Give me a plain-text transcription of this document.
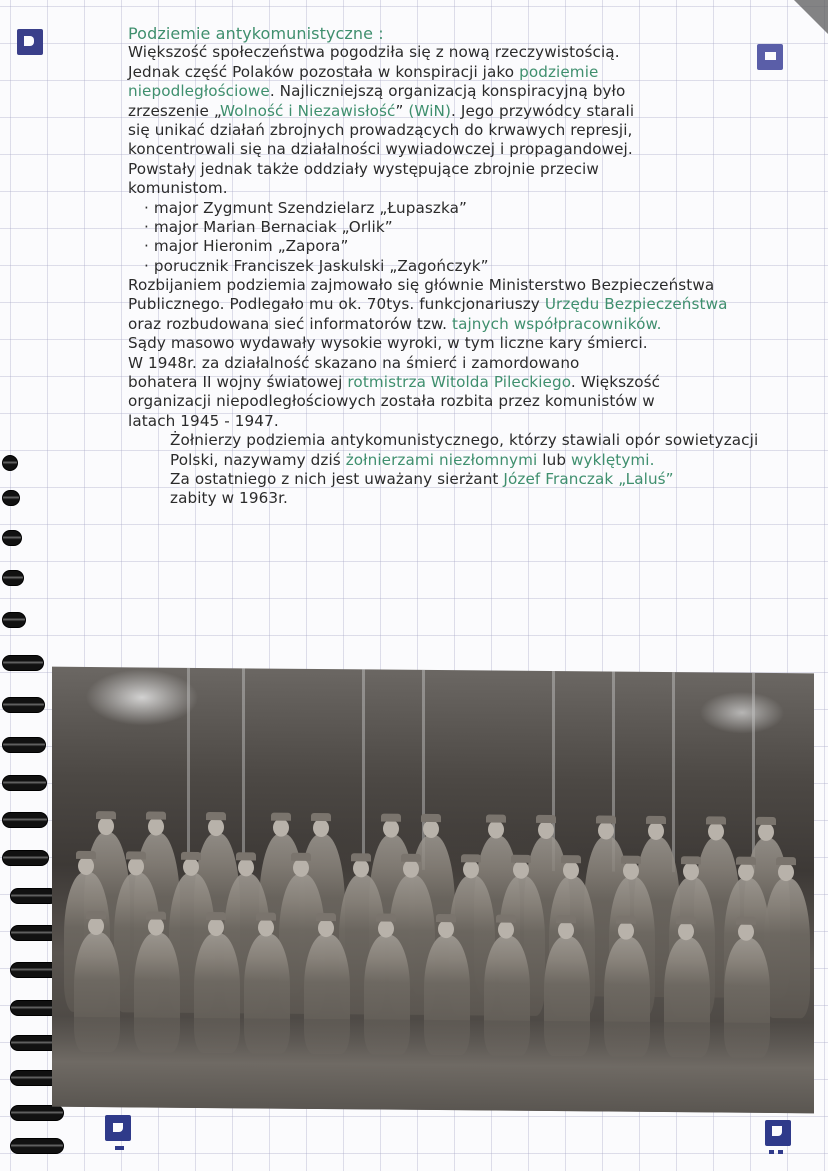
Podziemie antykomunistyczne :
Większość społeczeństwa pogodziła się z nową rzeczywistością.
Jednak część Polaków pozostała w konspiracji jako podziemie
niepodległościowe. Najliczniejszą organizacją konspiracyjną było
zrzeszenie „Wolność i Niezawisłość” (WiN). Jego przywódcy starali
się unikać działań zbrojnych prowadzących do krwawych represji,
koncentrowali się na działalności wywiadowczej i propagandowej.
Powstały jednak także oddziały występujące zbrojnie przeciw
komunistom.
· major Zygmunt Szendzielarz „Łupaszka”
· major Marian Bernaciak „Orlik”
· major Hieronim „Zapora”
· porucznik Franciszek Jaskulski „Zagończyk”
Rozbijaniem podziemia zajmowało się głównie Ministerstwo Bezpieczeństwa
Publicznego. Podlegało mu ok. 70tys. funkcjonariuszy Urzędu Bezpieczeństwa
oraz rozbudowana sieć informatorów tzw. tajnych współpracowników.
Sądy masowo wydawały wysokie wyroki, w tym liczne kary śmierci.
W 1948r. za działalność skazano na śmierć i zamordowano
bohatera II wojny światowej rotmistrza Witolda Pileckiego. Większość
organizacji niepodległościowych została rozbita przez komunistów w
latach 1945 - 1947.
Żołnierzy podziemia antykomunistycznego, którzy stawiali opór sowietyzacji
Polski, nazywamy dziś żołnierzami niezłomnymi lub wyklętymi.
Za ostatniego z nich jest uważany sierżant Józef Franczak „Laluś”
zabity w 1963r.
